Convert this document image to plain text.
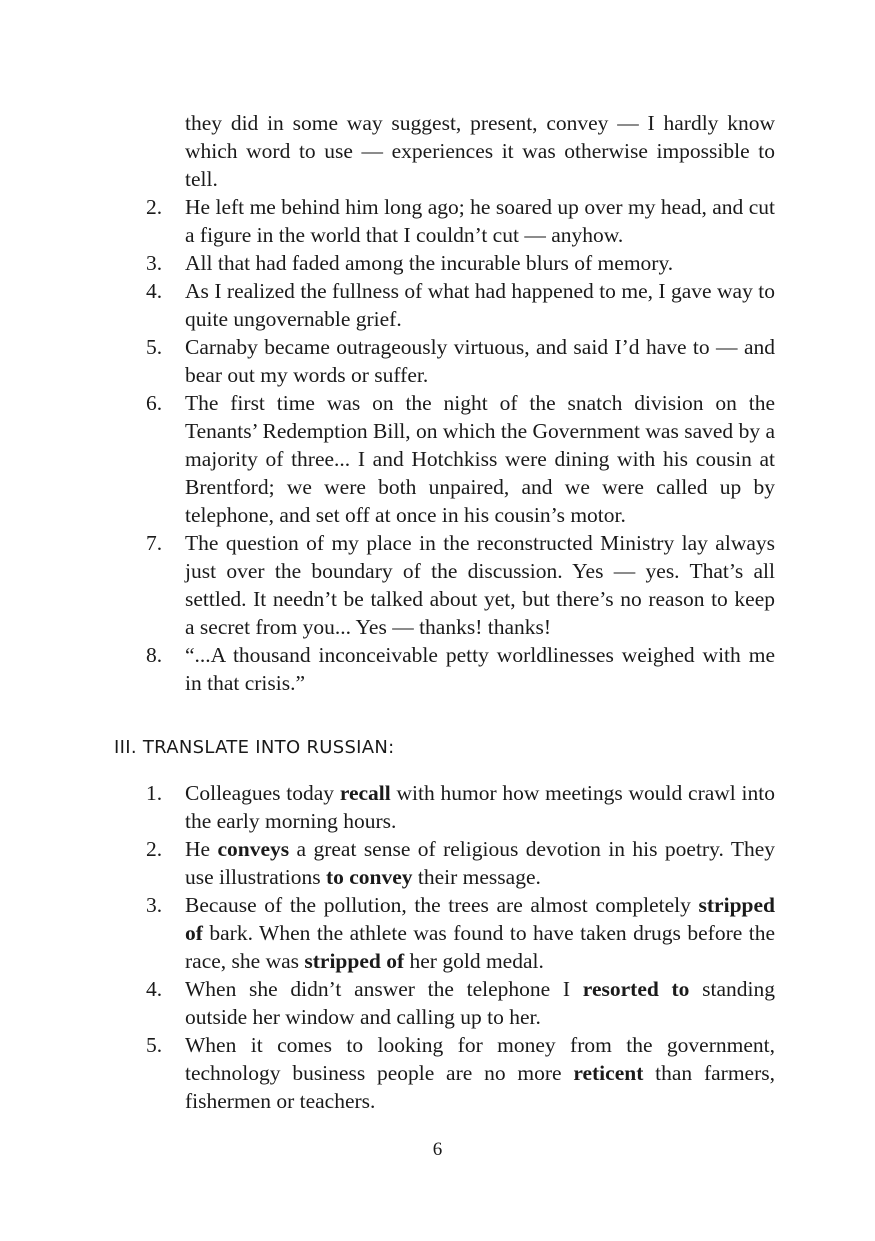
they did in some way suggest, present, convey — I hardly know which word to use — experiences it was otherwise impossible to tell.

2.	He left me behind him long ago; he soared up over my head, and cut a figure in the world that I couldn’t cut — anyhow.
3.	All that had faded among the incurable blurs of memory.
4.	As I realized the fullness of what had happened to me, I gave way to quite ungovernable grief.
5.	Carnaby became outrageously virtuous, and said I’d have to — and bear out my words or suffer.
6.	The first time was on the night of the snatch division on the Tenants’ Redemption Bill, on which the Government was saved by a majority of three... I and Hotchkiss were dining with his cousin at Brentford; we were both unpaired, and we were called up by telephone, and set off at once in his cousin’s motor.
7.	The question of my place in the reconstructed Ministry lay always just over the boundary of the discussion. Yes — yes. That’s all settled. It needn’t be talked about yet, but there’s no reason to keep a secret from you... Yes — thanks! thanks!
8.	“...A thousand inconceivable petty worldlinesses weighed with me in that crisis.”
III. TRANSLATE INTO RUSSIAN:
1.	Colleagues today recall with humor how meetings would crawl into the early morning hours.
2.	He conveys a great sense of religious devotion in his poetry. They use illustrations to convey their message.
3.	Because of the pollution, the trees are almost completely stripped of bark. When the athlete was found to have taken drugs before the race, she was stripped of her gold medal.
4.	When she didn’t answer the telephone I resorted to standing outside her window and calling up to her.
5.	When it comes to looking for money from the government, technology business people are no more reticent than farmers, fishermen or teachers.
6
